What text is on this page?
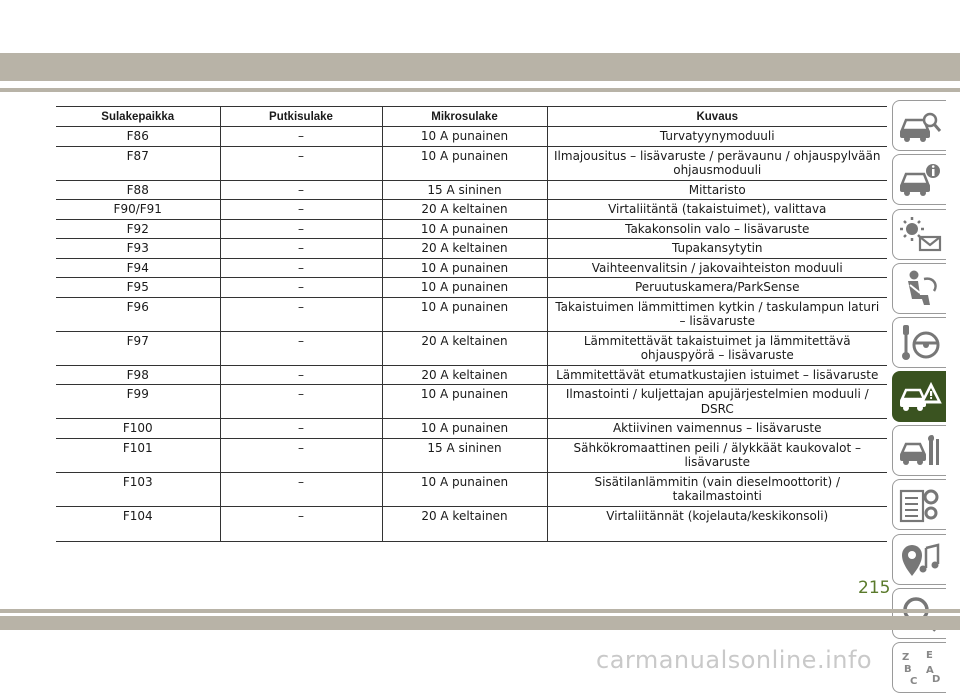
Sulakepaikka	Putkisulake	Mikrosulake	Kuvaus
F86	–	10 A punainen	Turvatyynymoduuli
F87	–	10 A punainen	Ilmajousitus – lisävaruste / perävaunu / ohjauspylvään ohjausmoduuli
F88	–	15 A sininen	Mittaristo
F90/F91	–	20 A keltainen	Virtaliitäntä (takaistuimet), valittava
F92	–	10 A punainen	Takakonsolin valo – lisävaruste
F93	–	20 A keltainen	Tupakansytytin
F94	–	10 A punainen	Vaihteenvalitsin / jakovaihteiston moduuli
F95	–	10 A punainen	Peruutuskamera/ParkSense
F96	–	10 A punainen	Takaistuimen lämmittimen kytkin / taskulampun laturi – lisävaruste
F97	–	20 A keltainen	Lämmitettävät takaistuimet ja lämmitettävä ohjauspyörä – lisävaruste
F98	–	20 A keltainen	Lämmitettävät etumatkustajien istuimet – lisävaruste
F99	–	10 A punainen	Ilmastointi / kuljettajan apujärjestelmien moduuli / DSRC
F100	–	10 A punainen	Aktiivinen vaimennus – lisävaruste
F101	–	15 A sininen	Sähkökromaattinen peili / älykkäät kaukovalot – lisävaruste
F103	–	10 A punainen	Sisätilanlämmitin (vain dieselmoottorit) / takailmastointi
F104	–	20 A keltainen	Virtaliitännät (kojelauta/keskikonsoli)
Z E
B A
C D
215
carmanualsonline.info
